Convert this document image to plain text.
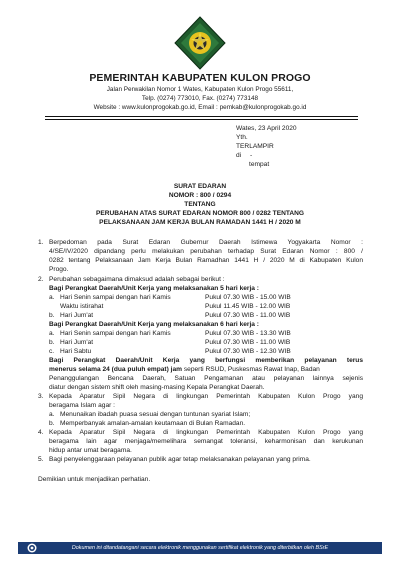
PEMERINTAH KABUPATEN KULON PROGO
Jalan Perwakilan Nomor 1 Wates, Kabupaten Kulon Progo 55611,
Telp. (0274) 773010, Fax. (0274) 773148
Website : www.kulonprogokab.go.id, Email : pemkab@kulonprogokab.go.id
Wates, 23 April 2020
Yth.
TERLAMPIR
di -
tempat
SURAT EDARAN
NOMOR : 800 / 0294
TENTANG
PERUBAHAN ATAS SURAT EDARAN NOMOR 800 / 0282 TENTANG
PELAKSANAAN JAM KERJA BULAN RAMADAN 1441 H / 2020 M
1. Berpedoman pada Surat Edaran Gubernur Daerah Istimewa Yogyakarta Nomor :
4/SE/IV/2020 dipandang perlu melakukan perubahan terhadap Surat Edaran Nomor : 800 /
0282 tentang Pelaksanaan Jam Kerja Bulan Ramadhan 1441 H / 2020 M di Kabupaten Kulon
Progo.
2. Perubahan sebagaimana dimaksud adalah sebagai berikut :
Bagi Perangkat Daerah/Unit Kerja yang melaksanakan 5 hari kerja :
a. Hari Senin sampai dengan hari Kamis	Pukul 07.30 WIB - 15.00 WIB
Waktu istirahat	Pukul 11.45 WIB - 12.00 WIB
b. Hari Jum'at	Pukul 07.30 WIB - 11.00 WIB
Bagi Perangkat Daerah/Unit Kerja yang melaksanakan 6 hari kerja :
a. Hari Senin sampai dengan hari Kamis	Pukul 07.30 WIB - 13.30 WIB
b. Hari Jum'at	Pukul 07.30 WIB - 11.00 WIB
c. Hari Sabtu	Pukul 07.30 WIB - 12.30 WIB
Bagi Perangkat Daerah/Unit Kerja yang berfungsi memberikan pelayanan terus
menerus selama 24 (dua puluh empat) jam seperti RSUD, Puskesmas Rawat Inap, Badan
Penanggulangan Bencana Daerah, Satuan Pengamanan atau pelayanan lainnya sejenis
diatur dengan sistem shift oleh masing-masing Kepala Perangkat Daerah.
3. Kepada Aparatur Sipil Negara di lingkungan Pemerintah Kabupaten Kulon Progo yang
beragama Islam agar :
a. Menunaikan ibadah puasa sesuai dengan tuntunan syariat Islam;
b. Memperbanyak amalan-amalan keutamaan di Bulan Ramadan.
4. Kepada Aparatur Sipil Negara di lingkungan Pemerintah Kabupaten Kulon Progo yang
beragama lain agar menjaga/memelihara semangat toleransi, keharmonisan dan kerukunan
hidup antar umat beragama.
5. Bagi penyelenggaraan pelayanan publik agar tetap melaksanakan pelayanan yang prima.
Demikian untuk menjadikan perhatian.
Dokumen ini ditandatangani secara elektronik menggunakan sertifikat elektronik yang diterbitkan oleh BSrE
